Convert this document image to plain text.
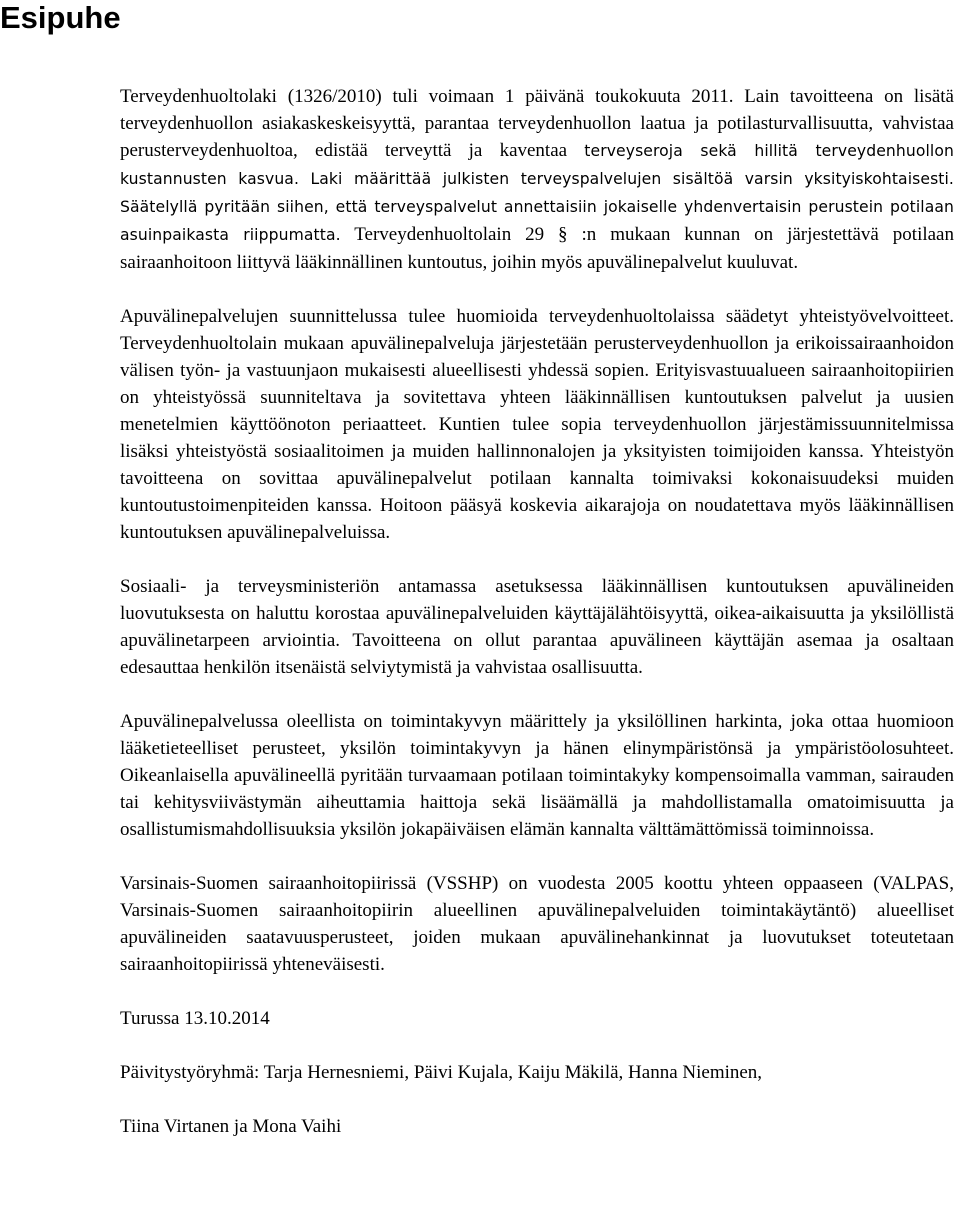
Esipuhe

Terveydenhuoltolaki (1326/2010) tuli voimaan 1 päivänä toukokuuta 2011. Lain tavoitteena on lisätä terveydenhuollon asiakaskeskeisyyttä, parantaa terveydenhuollon laatua ja potilasturvallisuutta, vahvistaa perusterveydenhuoltoa, edistää terveyttä ja kaventaa terveyseroja sekä hillitä terveydenhuollon kustannusten kasvua. Laki määrittää julkisten terveyspalvelujen sisältöä varsin yksityiskohtaisesti. Säätelyllä pyritään siihen, että terveyspalvelut annettaisiin jokaiselle yhdenvertaisin perustein potilaan asuinpaikasta riippumatta. Terveydenhuoltolain 29 § :n mukaan kunnan on järjestettävä potilaan sairaanhoitoon liittyvä lääkinnällinen kuntoutus, joihin myös apuvälinepalvelut kuuluvat.

Apuvälinepalvelujen suunnittelussa tulee huomioida terveydenhuoltolaissa säädetyt yhteistyövelvoitteet. Terveydenhuoltolain mukaan apuvälinepalveluja järjestetään perusterveydenhuollon ja erikoissairaanhoidon välisen työn- ja vastuunjaon mukaisesti alueellisesti yhdessä sopien. Erityisvastuualueen sairaanhoitopiirien on yhteistyössä suunniteltava ja sovitettava yhteen lääkinnällisen kuntoutuksen palvelut ja uusien menetelmien käyttöönoton periaatteet. Kuntien tulee sopia terveydenhuollon järjestämissuunnitelmissa lisäksi yhteistyöstä sosiaalitoimen ja muiden hallinnonalojen ja yksityisten toimijoiden kanssa. Yhteistyön tavoitteena on sovittaa apuvälinepalvelut potilaan kannalta toimivaksi kokonaisuudeksi muiden kuntoutustoimenpiteiden kanssa. Hoitoon pääsyä koskevia aikarajoja on noudatettava myös lääkinnällisen kuntoutuksen apuvälinepalveluissa.

Sosiaali- ja terveysministeriön antamassa asetuksessa lääkinnällisen kuntoutuksen apuvälineiden luovutuksesta on haluttu korostaa apuvälinepalveluiden käyttäjälähtöisyyttä, oikea-aikaisuutta ja yksilöllistä apuvälinetarpeen arviointia. Tavoitteena on ollut parantaa apuvälineen käyttäjän asemaa ja osaltaan edesauttaa henkilön itsenäistä selviytymistä ja vahvistaa osallisuutta.

Apuvälinepalvelussa oleellista on toimintakyvyn määrittely ja yksilöllinen harkinta, joka ottaa huomioon lääketieteelliset perusteet, yksilön toimintakyvyn ja hänen elinympäristönsä ja ympäristöolosuhteet. Oikeanlaisella apuvälineellä pyritään turvaamaan potilaan toimintakyky kompensoimalla vamman, sairauden tai kehitysviivästymän aiheuttamia haittoja sekä lisäämällä ja mahdollistamalla omatoimisuutta ja osallistumismahdollisuuksia yksilön jokapäiväisen elämän kannalta välttämättömissä toiminnoissa.

Varsinais-Suomen sairaanhoitopiirissä (VSSHP) on vuodesta 2005 koottu yhteen oppaaseen (VALPAS, Varsinais-Suomen sairaanhoitopiirin alueellinen apuvälinepalveluiden toimintakäytäntö) alueelliset apuvälineiden saatavuusperusteet, joiden mukaan apuvälinehankinnat ja luovutukset toteutetaan sairaanhoitopiirissä yhteneväisesti.

Turussa 13.10.2014

Päivitystyöryhmä: Tarja Hernesniemi, Päivi Kujala, Kaiju Mäkilä, Hanna Nieminen,

Tiina Virtanen ja Mona Vaihi
